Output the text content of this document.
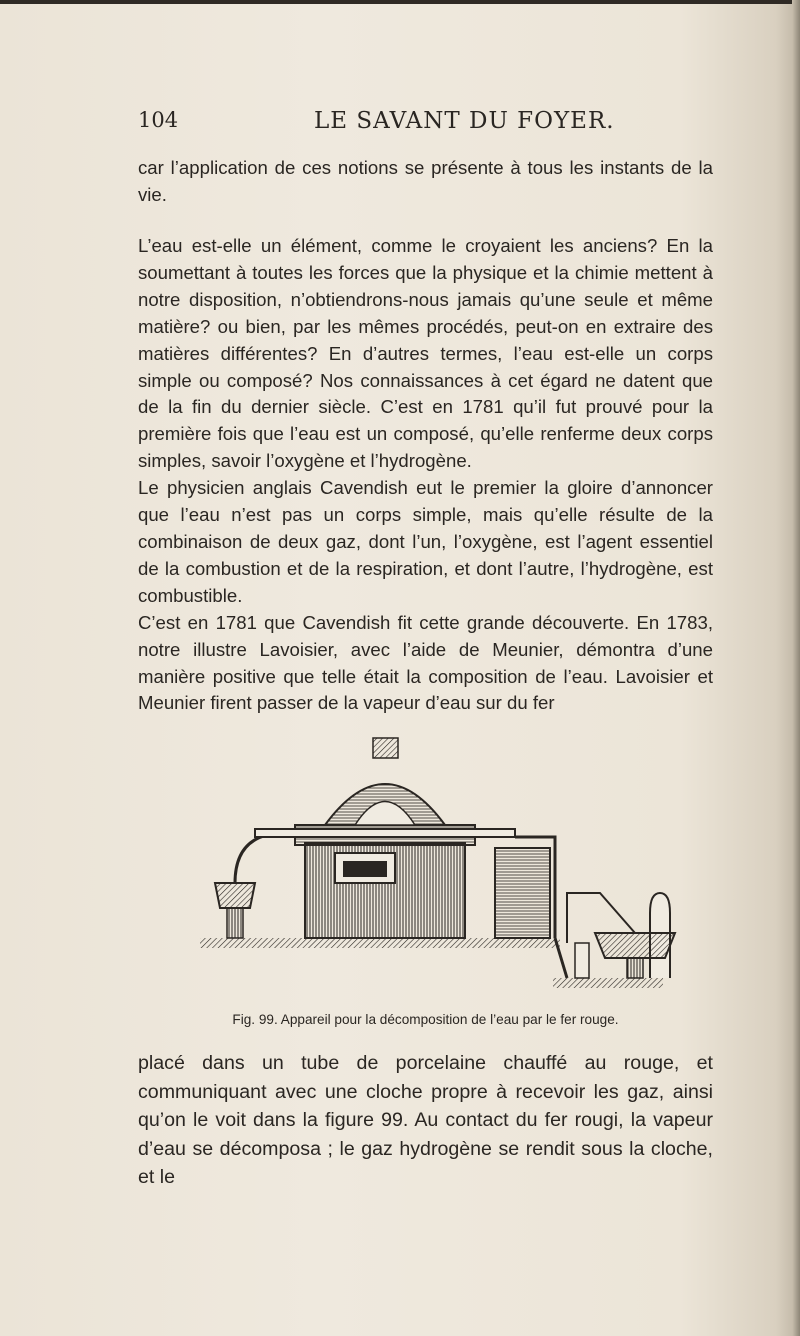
104	LE SAVANT DU FOYER.

car l’application de ces notions se présente à tous les instants de la vie.

L’eau est-elle un élément, comme le croyaient les anciens? En la soumettant à toutes les forces que la physique et la chimie mettent à notre disposition, n’obtiendrons-nous jamais qu’une seule et même matière? ou bien, par les mêmes procédés, peut-on en extraire des matières différentes? En d’autres termes, l’eau est-elle un corps simple ou composé? Nos connaissances à cet égard ne datent que de la fin du dernier siècle. C’est en 1781 qu’il fut prouvé pour la première fois que l’eau est un composé, qu’elle renferme deux corps simples, savoir l’oxygène et l’hydrogène.

Le physicien anglais Cavendish eut le premier la gloire d’annoncer que l’eau n’est pas un corps simple, mais qu’elle résulte de la combinaison de deux gaz, dont l’un, l’oxygène, est l’agent essentiel de la combustion et de la respiration, et dont l’autre, l’hydrogène, est combustible.

C’est en 1781 que Cavendish fit cette grande découverte. En 1783, notre illustre Lavoisier, avec l’aide de Meunier, démontra d’une manière positive que telle était la composition de l’eau. Lavoisier et Meunier firent passer de la vapeur d’eau sur du fer

Fig. 99. Appareil pour la décomposition de l’eau par le fer rouge.

placé dans un tube de porcelaine chauffé au rouge, et communiquant avec une cloche propre à recevoir les gaz, ainsi qu’on le voit dans la figure 99. Au contact du fer rougi, la vapeur d’eau se décomposa ; le gaz hydrogène se rendit sous la cloche, et le
